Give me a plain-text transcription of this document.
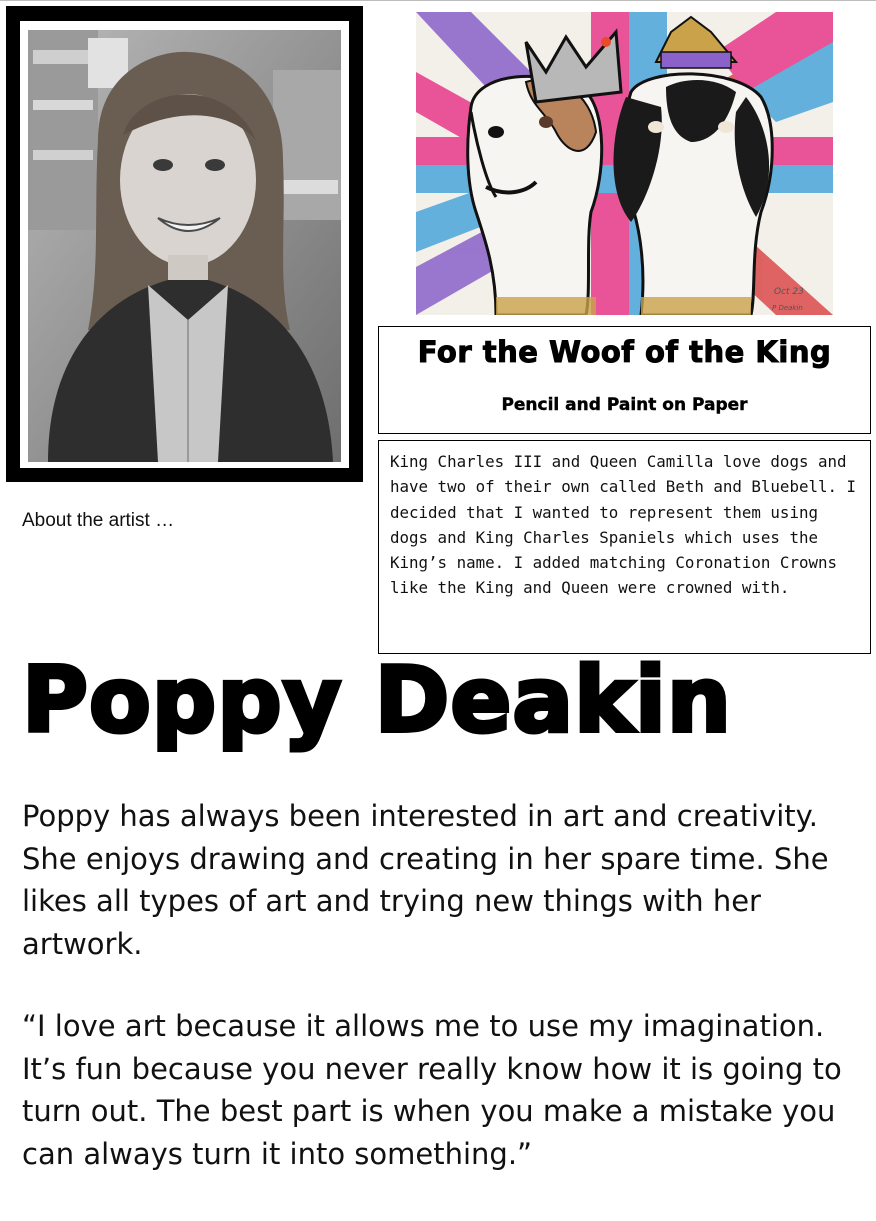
Oct 23
P Deakin
For the Woof of the King
Pencil and Paint on Paper
King Charles III and Queen Camilla love dogs and have two of their own called Beth and Bluebell. I decided that I wanted to represent them using dogs and King Charles Spaniels which uses the King’s name. I added matching Coronation Crowns like the King and Queen were crowned with.
About the artist …
Poppy Deakin
Poppy has always been interested in art and creativity. She enjoys drawing and creating in her spare time. She likes all types of art and trying new things with her artwork.
“I love art because it allows me to use my imagination. It’s fun because you never really know how it is going to turn out. The best part is when you make a mistake you can always turn it into something.”
